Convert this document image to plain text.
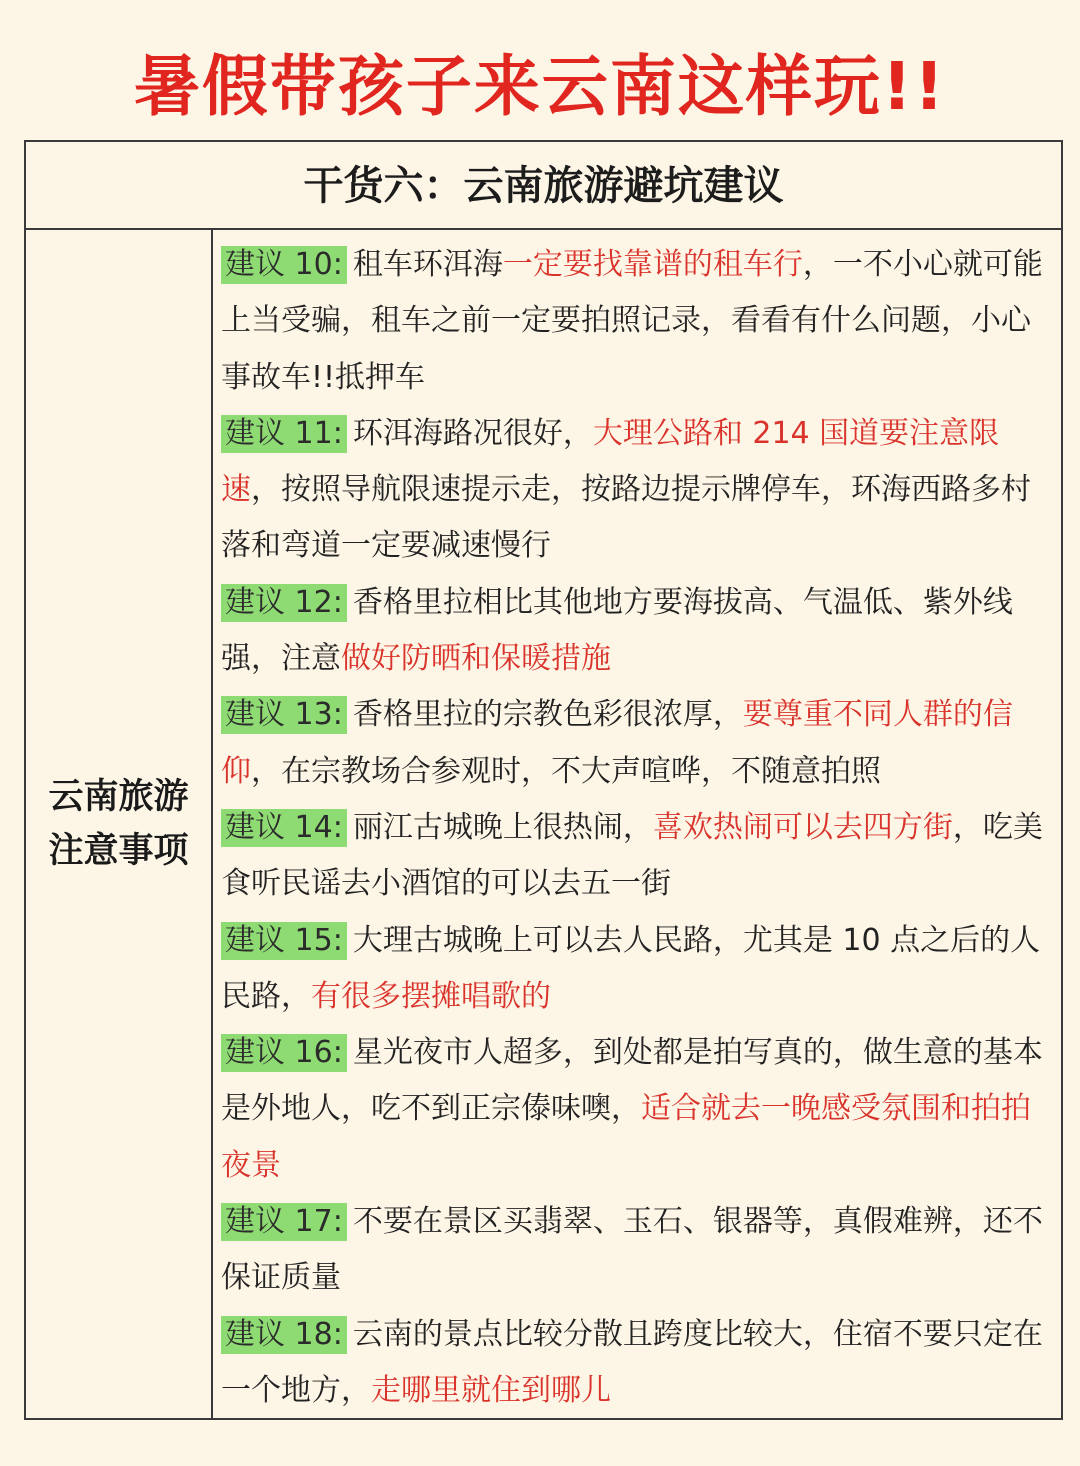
暑假带孩子来云南这样玩!!
干货六：云南旅游避坑建议
云南旅游
注意事项
建议 10: 租车环洱海一定要找靠谱的租车行，一不小心就可能上当受骗，租车之前一定要拍照记录，看看有什么问题，小心事故车!!抵押车
建议 11: 环洱海路况很好，大理公路和 214 国道要注意限速，按照导航限速提示走，按路边提示牌停车，环海西路多村落和弯道一定要减速慢行
建议 12: 香格里拉相比其他地方要海拔高、气温低、紫外线强，注意做好防晒和保暖措施
建议 13: 香格里拉的宗教色彩很浓厚，要尊重不同人群的信仰，在宗教场合参观时，不大声喧哗，不随意拍照
建议 14: 丽江古城晚上很热闹，喜欢热闹可以去四方街，吃美食听民谣去小酒馆的可以去五一街
建议 15: 大理古城晚上可以去人民路，尤其是 10 点之后的人民路，有很多摆摊唱歌的
建议 16: 星光夜市人超多，到处都是拍写真的，做生意的基本是外地人，吃不到正宗傣味噢，适合就去一晚感受氛围和拍拍夜景
建议 17: 不要在景区买翡翠、玉石、银器等，真假难辨，还不保证质量
建议 18: 云南的景点比较分散且跨度比较大，住宿不要只定在一个地方，走哪里就住到哪儿
